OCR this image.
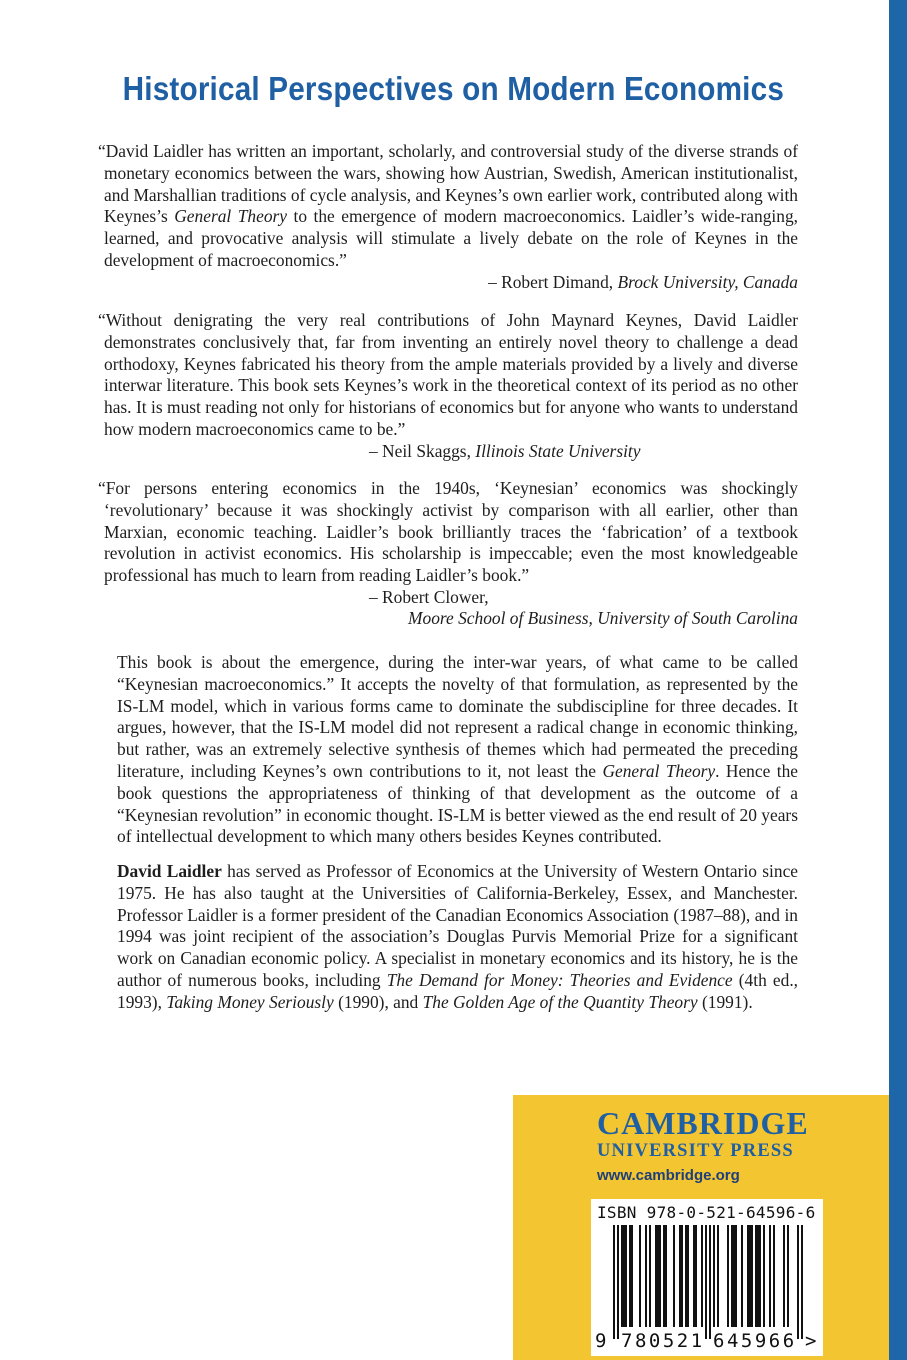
Historical Perspectives on Modern Economics

“David Laidler has written an important, scholarly, and controversial study of the diverse strands of monetary economics between the wars, showing how Austrian, Swedish, American institutionalist, and Marshallian traditions of cycle analysis, and Keynes’s own earlier work, contributed along with Keynes’s General Theory to the emergence of modern macroeconomics. Laidler’s wide-ranging, learned, and provocative analysis will stimulate a lively debate on the role of Keynes in the development of macroeconomics.”

– Robert Dimand, Brock University, Canada

“Without denigrating the very real contributions of John Maynard Keynes, David Laidler demonstrates conclusively that, far from inventing an entirely novel theory to challenge a dead orthodoxy, Keynes fabricated his theory from the ample materials provided by a lively and diverse interwar literature. This book sets Keynes’s work in the theoretical context of its period as no other has. It is must reading not only for historians of economics but for anyone who wants to understand how modern macroeconomics came to be.”

– Neil Skaggs, Illinois State University

“For persons entering economics in the 1940s, ‘Keynesian’ economics was shockingly ‘revolutionary’ because it was shockingly activist by comparison with all earlier, other than Marxian, economic teaching. Laidler’s book brilliantly traces the ‘fabrication’ of a textbook revolution in activist economics. His scholarship is impeccable; even the most knowledgeable professional has much to learn from reading Laidler’s book.”

– Robert Clower,

Moore School of Business, University of South Carolina

This book is about the emergence, during the inter-war years, of what came to be called “Keynesian macroeconomics.” It accepts the novelty of that formulation, as represented by the IS-LM model, which in various forms came to dominate the subdiscipline for three decades. It argues, however, that the IS-LM model did not represent a radical change in economic thinking, but rather, was an extremely selective synthesis of themes which had permeated the preceding literature, including Keynes’s own contributions to it, not least the General Theory. Hence the book questions the appropriateness of thinking of that development as the outcome of a “Keynesian revolution” in economic thought. IS-LM is better viewed as the end result of 20 years of intellectual development to which many others besides Keynes contributed.

David Laidler has served as Professor of Economics at the University of Western Ontario since 1975. He has also taught at the Universities of California-Berkeley, Essex, and Manchester. Professor Laidler is a former president of the Canadian Economics Association (1987–88), and in 1994 was joint recipient of the association’s Douglas Purvis Memorial Prize for a significant work on Canadian economic policy. A specialist in monetary economics and its history, he is the author of numerous books, including The Demand for Money: Theories and Evidence (4th ed., 1993), Taking Money Seriously (1990), and The Golden Age of the Quantity Theory (1991).

CAMBRIDGE
UNIVERSITY PRESS
www.cambridge.org
ISBN 978-0-521-64596-6
9 780521 645966 >
